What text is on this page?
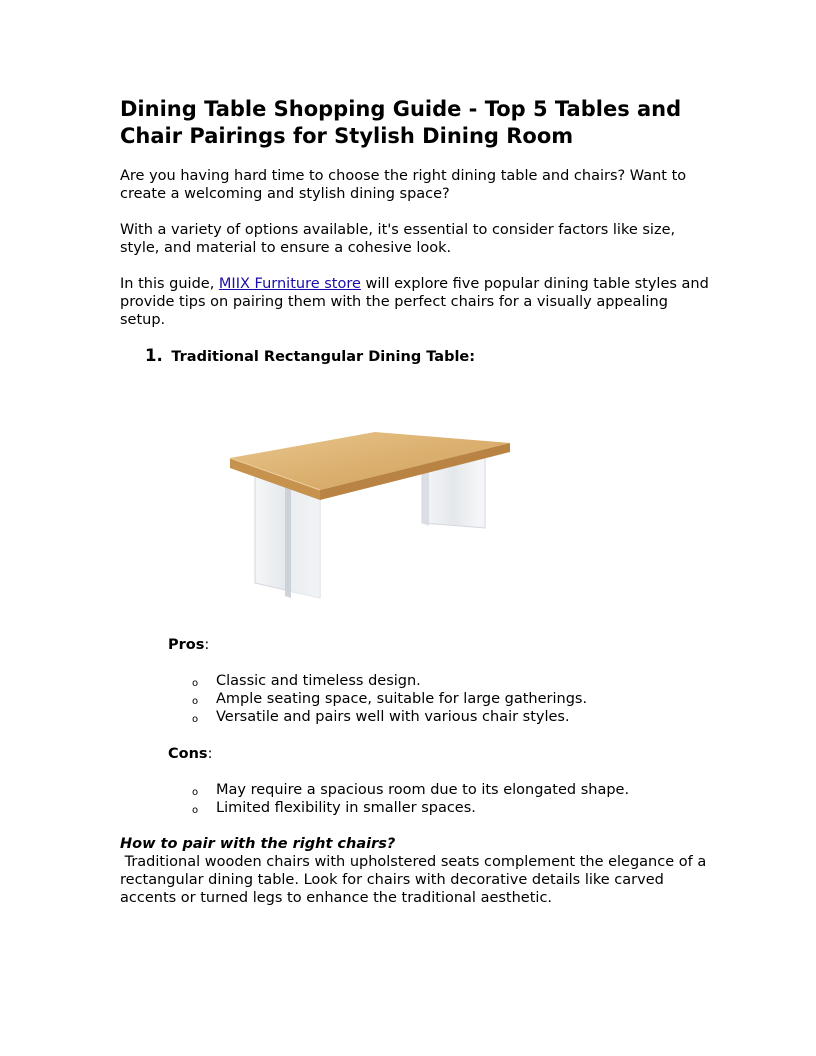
Dining Table Shopping Guide - Top 5 Tables and Chair Pairings for Stylish Dining Room

Are you having hard time to choose the right dining table and chairs? Want to create a welcoming and stylish dining space?

With a variety of options available, it's essential to consider factors like size, style, and material to ensure a cohesive look.

In this guide, MIIX Furniture store will explore five popular dining table styles and provide tips on pairing them with the perfect chairs for a visually appealing setup.

1. Traditional Rectangular Dining Table:
Pros:
o Classic and timeless design.
o Ample seating space, suitable for large gatherings.
o Versatile and pairs well with various chair styles.
Cons:
o May require a spacious room due to its elongated shape.
o Limited flexibility in smaller spaces.
How to pair with the right chairs?

Traditional wooden chairs with upholstered seats complement the elegance of a rectangular dining table. Look for chairs with decorative details like carved accents or turned legs to enhance the traditional aesthetic.
